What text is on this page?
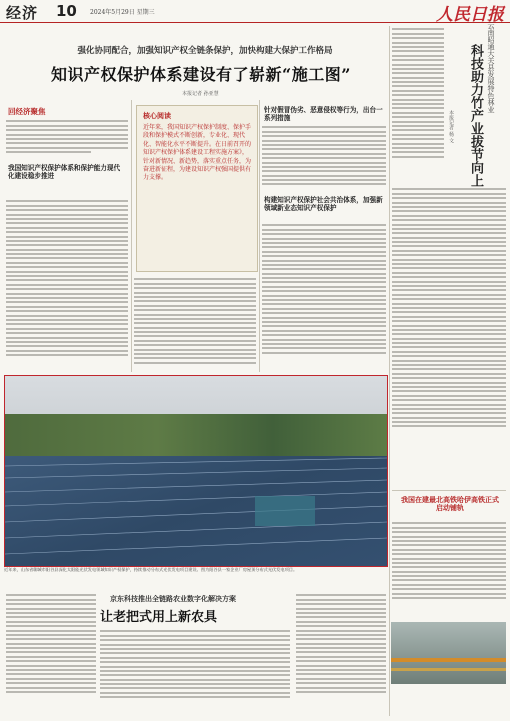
经济 10 2024年5月29日 星期三	人民日报
强化协同配合，加强知识产权全链条保护，加快构建大保护工作格局
知识产权保护体系建设有了崭新“施工图”
本报记者 孙亚慧
回经济聚焦
我国知识产权保护体系和保护能力现代化建设稳步推进
核心阅读
近年来，我国知识产权保护制度、保护手段和保护模式不断创新，专业化、现代化、智能化水平不断提升。在日前召开的知识产权保护体系建设工程实施方案》，针对新情况、新趋势，落实重点任务，为奋进新征程，为建设知识产权强国提供有力支撑。
针对假冒伪劣、恶意侵权等行为，出台一系列措施
构建知识产权保护社会共治体系，加强新领域新业态知识产权保护
云南昭通大关县发展特色林业
科技助力竹产业拔节向上
本报记者 杨 文
我国在建最北高铁哈伊高铁正式启动铺轨
近年来，山东省聊城市阳谷县深化太阳能光伏发电领域知识产权保护，持续推动分布式光伏发电项目建设。图为阳谷县一家企业厂房屋顶分布式光伏发电项目。
京东科技推出全链路农业数字化解决方案
让老把式用上新农具
